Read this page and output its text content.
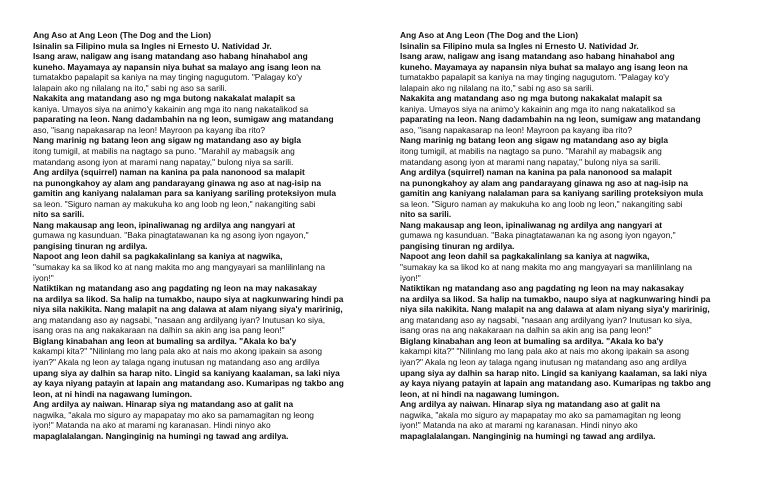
Ang Aso at Ang Leon (The Dog and the Lion)
Isinalin sa Filipino mula sa Ingles ni Ernesto U. Natividad Jr.
Isang araw, naligaw ang isang matandang aso habang hinahabol ang
kuneho. Mayamaya ay napansin niya buhat sa malayo ang isang leon na
tumatakbo papalapit sa kaniya na may tinging nagugutom. "Palagay ko'y
lalapain ako ng nilalang na ito," sabi ng aso sa sarili.
Nakakita ang matandang aso ng mga butong nakakalat malapit sa
kaniya. Umayos siya na animo'y kakainin ang mga ito nang nakatalikod sa
paparating na leon. Nang dadambahin na ng leon, sumigaw ang matandang
aso, "isang napakasarap na leon! Mayroon pa kayang iba rito?
Nang marinig ng batang leon ang sigaw ng matandang aso ay bigla
itong tumigil, at mabilis na nagtago sa puno. "Marahil ay mabagsik ang
matandang asong iyon at marami nang napatay," bulong niya sa sarili.
Ang ardilya (squirrel) naman na kanina pa pala nanonood sa malapit
na punongkahoy ay alam ang pandarayang ginawa ng aso at nag-isip na
gamitin ang kaniyang nalalaman para sa kaniyang sariling proteksiyon mula
sa leon. "Siguro naman ay makukuha ko ang loob ng leon," nakangiting sabi
nito sa sarili.
Nang makausap ang leon, ipinaliwanag ng ardilya ang nangyari at
gumawa ng kasunduan. "Baka pinagtatawanan ka ng asong iyon ngayon,"
pangising tinuran ng ardilya.
Napoot ang leon dahil sa pagkakalinlang sa kaniya at nagwika,
"sumakay ka sa likod ko at nang makita mo ang mangyayari sa manlilinlang na
iyon!"
Natiktikan ng matandang aso ang pagdating ng leon na may nakasakay
na ardilya sa likod. Sa halip na tumakbo, naupo siya at nagkunwaring hindi pa
niya sila nakikita. Nang malapit na ang dalawa at alam niyang siya'y maririnig,
ang matandang aso ay nagsabi, "nasaan ang ardilyang iyan? Inutusan ko siya,
isang oras na ang nakakaraan na dalhin sa akin ang isa pang leon!"
Biglang kinabahan ang leon at bumaling sa ardilya. "Akala ko ba'y
kakampi kita?" "Nilinlang mo lang pala ako at nais mo akong ipakain sa asong
iyan?" Akala ng leon ay talaga ngang inutusan ng matandang aso ang ardilya
upang siya ay dalhin sa harap nito. Lingid sa kaniyang kaalaman, sa laki niya
ay kaya niyang patayin at lapain ang matandang aso. Kumaripas ng takbo ang
leon, at ni hindi na nagawang lumingon.
Ang ardilya ay naiwan. Hinarap siya ng matandang aso at galit na
nagwika, "akala mo siguro ay mapapatay mo ako sa pamamagitan ng leong
iyon!" Matanda na ako at marami ng karanasan. Hindi ninyo ako
mapaglalalangan. Nanginginig na humingi ng tawad ang ardilya.
Ang Aso at Ang Leon (The Dog and the Lion)
Isinalin sa Filipino mula sa Ingles ni Ernesto U. Natividad Jr.
Isang araw, naligaw ang isang matandang aso habang hinahabol ang
kuneho. Mayamaya ay napansin niya buhat sa malayo ang isang leon na
tumatakbo papalapit sa kaniya na may tinging nagugutom. "Palagay ko'y
lalapain ako ng nilalang na ito," sabi ng aso sa sarili.
Nakakita ang matandang aso ng mga butong nakakalat malapit sa
kaniya. Umayos siya na animo'y kakainin ang mga ito nang nakatalikod sa
paparating na leon. Nang dadambahin na ng leon, sumigaw ang matandang
aso, "isang napakasarap na leon! Mayroon pa kayang iba rito?
Nang marinig ng batang leon ang sigaw ng matandang aso ay bigla
itong tumigil, at mabilis na nagtago sa puno. "Marahil ay mabagsik ang
matandang asong iyon at marami nang napatay," bulong niya sa sarili.
Ang ardilya (squirrel) naman na kanina pa pala nanonood sa malapit
na punongkahoy ay alam ang pandarayang ginawa ng aso at nag-isip na
gamitin ang kaniyang nalalaman para sa kaniyang sariling proteksiyon mula
sa leon. "Siguro naman ay makukuha ko ang loob ng leon," nakangiting sabi
nito sa sarili.
Nang makausap ang leon, ipinaliwanag ng ardilya ang nangyari at
gumawa ng kasunduan. "Baka pinagtatawanan ka ng asong iyon ngayon,"
pangising tinuran ng ardilya.
Napoot ang leon dahil sa pagkakalinlang sa kaniya at nagwika,
"sumakay ka sa likod ko at nang makita mo ang mangyayari sa manlilinlang na
iyon!"
Natiktikan ng matandang aso ang pagdating ng leon na may nakasakay
na ardilya sa likod. Sa halip na tumakbo, naupo siya at nagkunwaring hindi pa
niya sila nakikita. Nang malapit na ang dalawa at alam niyang siya'y maririnig,
ang matandang aso ay nagsabi, "nasaan ang ardilyang iyan? Inutusan ko siya,
isang oras na ang nakakaraan na dalhin sa akin ang isa pang leon!"
Biglang kinabahan ang leon at bumaling sa ardilya. "Akala ko ba'y
kakampi kita?" "Nilinlang mo lang pala ako at nais mo akong ipakain sa asong
iyan?" Akala ng leon ay talaga ngang inutusan ng matandang aso ang ardilya
upang siya ay dalhin sa harap nito. Lingid sa kaniyang kaalaman, sa laki niya
ay kaya niyang patayin at lapain ang matandang aso. Kumaripas ng takbo ang
leon, at ni hindi na nagawang lumingon.
Ang ardilya ay naiwan. Hinarap siya ng matandang aso at galit na
nagwika, "akala mo siguro ay mapapatay mo ako sa pamamagitan ng leong
iyon!" Matanda na ako at marami ng karanasan. Hindi ninyo ako
mapaglalalangan. Nanginginig na humingi ng tawad ang ardilya.
